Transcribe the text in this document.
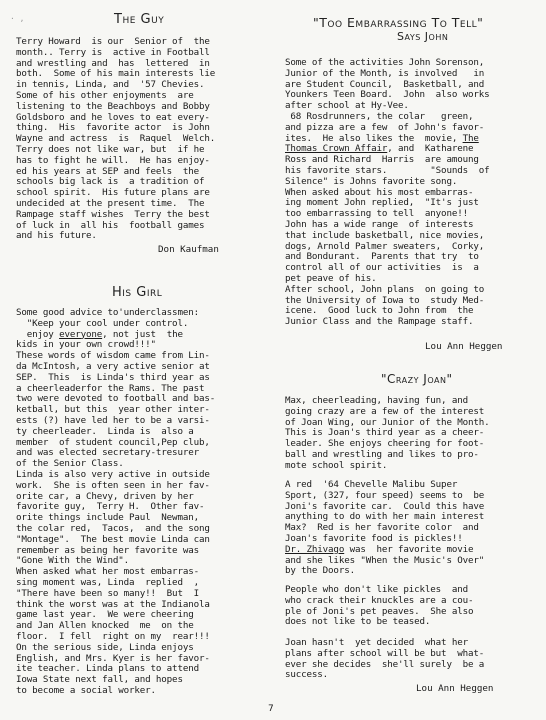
· ,	The Guy
Terry Howard  is our  Senior of  the
month.. Terry is  active in Football
and wrestling and  has  lettered  in
both.  Some of his main interests lie
in tennis, Linda, and  '57 Chevies.
Some of his other enjoyments  are
listening to the Beachboys and Bobby
Goldsboro and he loves to eat every-
thing.  His  favorite actor  is John
Wayne and actress  is  Raquel  Welch.
Terry does not like war, but  if he
has to fight he will.  He has enjoy-
ed his years at SEP and feels  the
schools big lack is  a tradition of
school spirit.  His future plans are
undecided at the present time.  The
Rampage staff wishes  Terry the best
of luck in  all his  football games
and his future.
Don Kaufman
His Girl
Some good advice to'underclassmen:
"Keep your cool under control.
enjoy everyone, not just  the
kids in your own crowd!!!"
These words of wisdom came from Lin-
da McIntosh, a very active senior at
SEP.  This  is Linda's third year as
a cheerleaderfor the Rams. The past
two were devoted to football and bas-
ketball, but this  year other inter-
ests (?) have led her to be a varsi-
ty cheerleader.  Linda is  also a
member  of student council,Pep club,
and was elected secretary-tresurer
of the Senior Class.
Linda is also very active in outside
work.  She is often seen in her fav-
orite car, a Chevy, driven by her
favorite guy,  Terry H.  Other fav-
orite things include Paul  Newman,
the colar red,  Tacos,  and the song
"Montage".  The best movie Linda can
remember as being her favorite was
"Gone With the Wind".
When asked what her most embarras-
sing moment was, Linda  replied  ,
"There have been so many!!  But  I
think the worst was at the Indianola
game last year.  We were cheering
and Jan Allen knocked  me  on the
floor.  I fell  right on my  rear!!!
On the serious side, Linda enjoys
English, and Mrs. Kyer is her favor-
ite teacher. Linda plans to attend
Iowa State next fall, and hopes
to become a social worker.
"Too Embarrassing To Tell"
Says John
Some of the activities John Sorenson,
Junior of the Month, is involved   in
are Student Council,  Basketball, and
Younkers Teen Board.  John  also works
after school at Hy-Vee.
68 Rosdrunners, the colar   green,
and pizza are a few  of John's favor-
ites.  He also likes the  movie, The
Thomas Crown Affair, and  Katharene
Ross and Richard  Harris  are amoung
his favorite stars.        "Sounds  of
Silence" is Johns favorite song.
When asked about his most embarras-
ing moment John replied,  "It's just
too embarrassing to tell  anyone!!
John has a wide range  of interests
that include basketball, nice movies,
dogs, Arnold Palmer sweaters,  Corky,
and Bondurant.  Parents that try  to
control all of our activities  is  a
pet peave of his.
After school, John plans  on going to
the University of Iowa to  study Med-
icene.  Good luck to John from  the
Junior Class and the Rampage staff.
Lou Ann Heggen
"Crazy Joan"
Max, cheerleading, having fun, and
going crazy are a few of the interest
of Joan Wing, our Junior of the Month.
This is Joan's third year as a cheer-
leader. She enjoys cheering for foot-
ball and wrestling and likes to pro-
mote school spirit.
A red  '64 Chevelle Malibu Super
Sport, (327, four speed) seems to  be
Joni's favorite car.  Could this have
anything to do with her main interest
Max?  Red is her favorite color  and
Joan's favorite food is pickles!!
Dr. Zhivago was  her favorite movie
and she likes "When the Music's Over"
by the Doors.
People who don't like pickles  and
who crack their knuckles are a cou-
ple of Joni's pet peaves.  She also
does not like to be teased.
Joan hasn't  yet decided  what her
plans after school will be but  what-
ever she decides  she'll surely  be a
success.
Lou Ann Heggen
7
